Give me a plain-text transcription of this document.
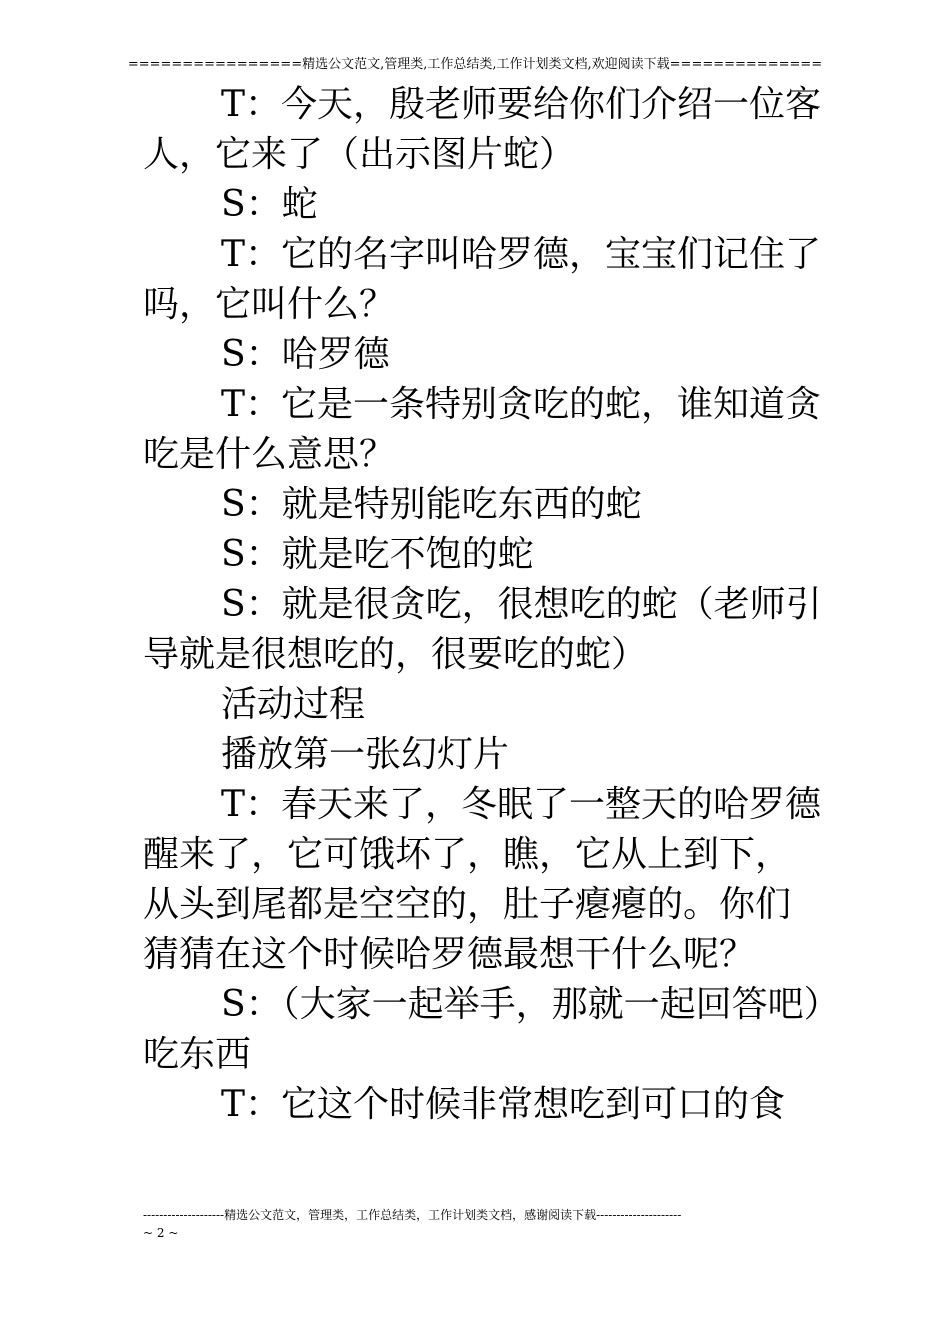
================精选公文范文,管理类,工作总结类,工作计划类文档,欢迎阅读下载==============

T：今天，殷老师要给你们介绍一位客人，它来了（出示图片蛇）

S：蛇

T：它的名字叫哈罗德，宝宝们记住了吗，它叫什么？

S：哈罗德

T：它是一条特别贪吃的蛇，谁知道贪吃是什么意思？

S：就是特别能吃东西的蛇

S：就是吃不饱的蛇

S：就是很贪吃，很想吃的蛇（老师引导就是很想吃的，很要吃的蛇）

活动过程

播放第一张幻灯片

T：春天来了，冬眠了一整天的哈罗德醒来了，它可饿坏了，瞧，它从上到下，从头到尾都是空空的，肚子瘪瘪的。你们猜猜在这个时候哈罗德最想干什么呢？

S：（大家一起举手，那就一起回答吧）吃东西

T：它这个时候非常想吃到可口的食

--------------------精选公文范文，管理类，工作总结类，工作计划类文档，感谢阅读下载---------------------
~ 2 ~
